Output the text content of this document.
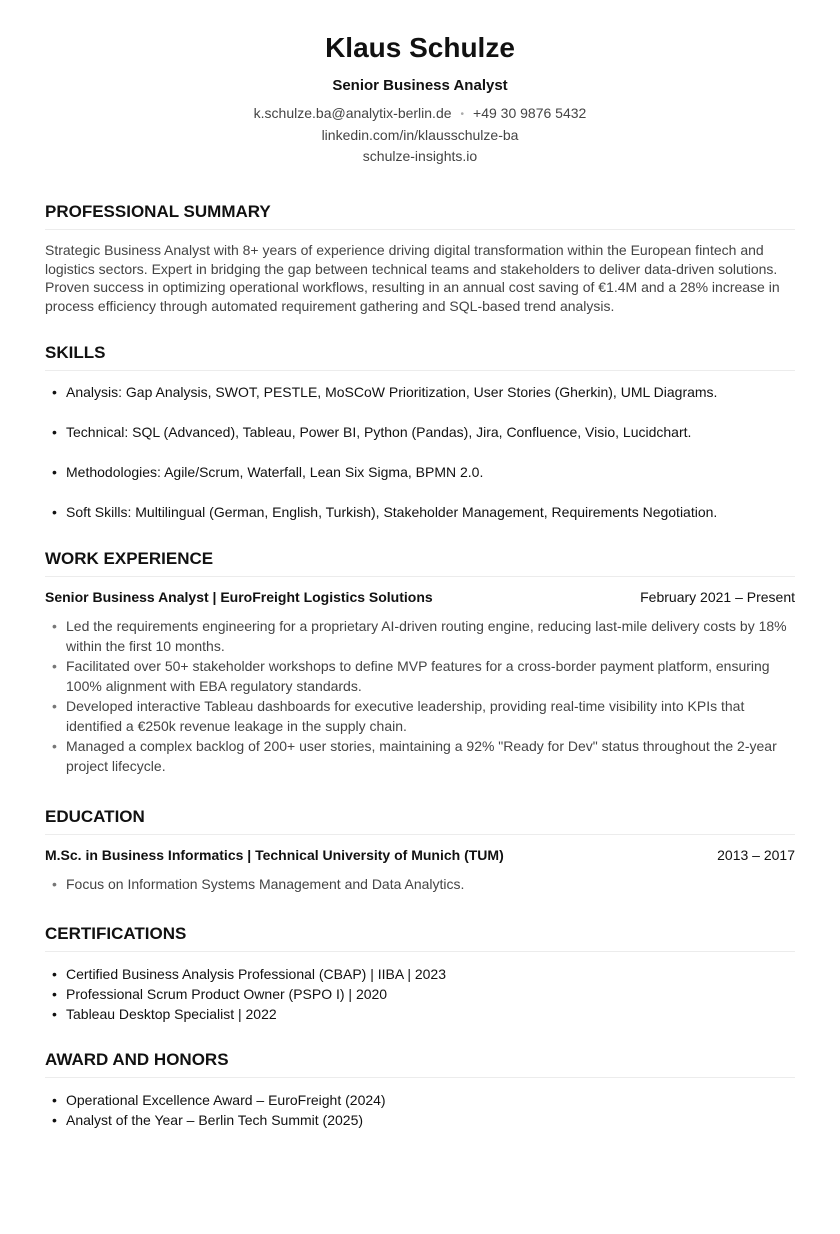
Klaus Schulze
Senior Business Analyst
k.schulze.ba@analytix-berlin.de • +49 30 9876 5432
linkedin.com/in/klausschulze-ba
schulze-insights.io
PROFESSIONAL SUMMARY
Strategic Business Analyst with 8+ years of experience driving digital transformation within the European fintech and logistics sectors. Expert in bridging the gap between technical teams and stakeholders to deliver data-driven solutions. Proven success in optimizing operational workflows, resulting in an annual cost saving of €1.4M and a 28% increase in process efficiency through automated requirement gathering and SQL-based trend analysis.
SKILLS
• Analysis: Gap Analysis, SWOT, PESTLE, MoSCoW Prioritization, User Stories (Gherkin), UML Diagrams.
• Technical: SQL (Advanced), Tableau, Power BI, Python (Pandas), Jira, Confluence, Visio, Lucidchart.
• Methodologies: Agile/Scrum, Waterfall, Lean Six Sigma, BPMN 2.0.
• Soft Skills: Multilingual (German, English, Turkish), Stakeholder Management, Requirements Negotiation.
WORK EXPERIENCE
Senior Business Analyst | EuroFreight Logistics Solutions	February 2021 – Present
• Led the requirements engineering for a proprietary AI-driven routing engine, reducing last-mile delivery costs by 18% within the first 10 months.
• Facilitated over 50+ stakeholder workshops to define MVP features for a cross-border payment platform, ensuring 100% alignment with EBA regulatory standards.
• Developed interactive Tableau dashboards for executive leadership, providing real-time visibility into KPIs that identified a €250k revenue leakage in the supply chain.
• Managed a complex backlog of 200+ user stories, maintaining a 92% "Ready for Dev" status throughout the 2-year project lifecycle.
EDUCATION
M.Sc. in Business Informatics | Technical University of Munich (TUM)	2013 – 2017
• Focus on Information Systems Management and Data Analytics.
CERTIFICATIONS
• Certified Business Analysis Professional (CBAP) | IIBA | 2023
• Professional Scrum Product Owner (PSPO I) | 2020
• Tableau Desktop Specialist | 2022
AWARD AND HONORS
• Operational Excellence Award – EuroFreight (2024)
• Analyst of the Year – Berlin Tech Summit (2025)
